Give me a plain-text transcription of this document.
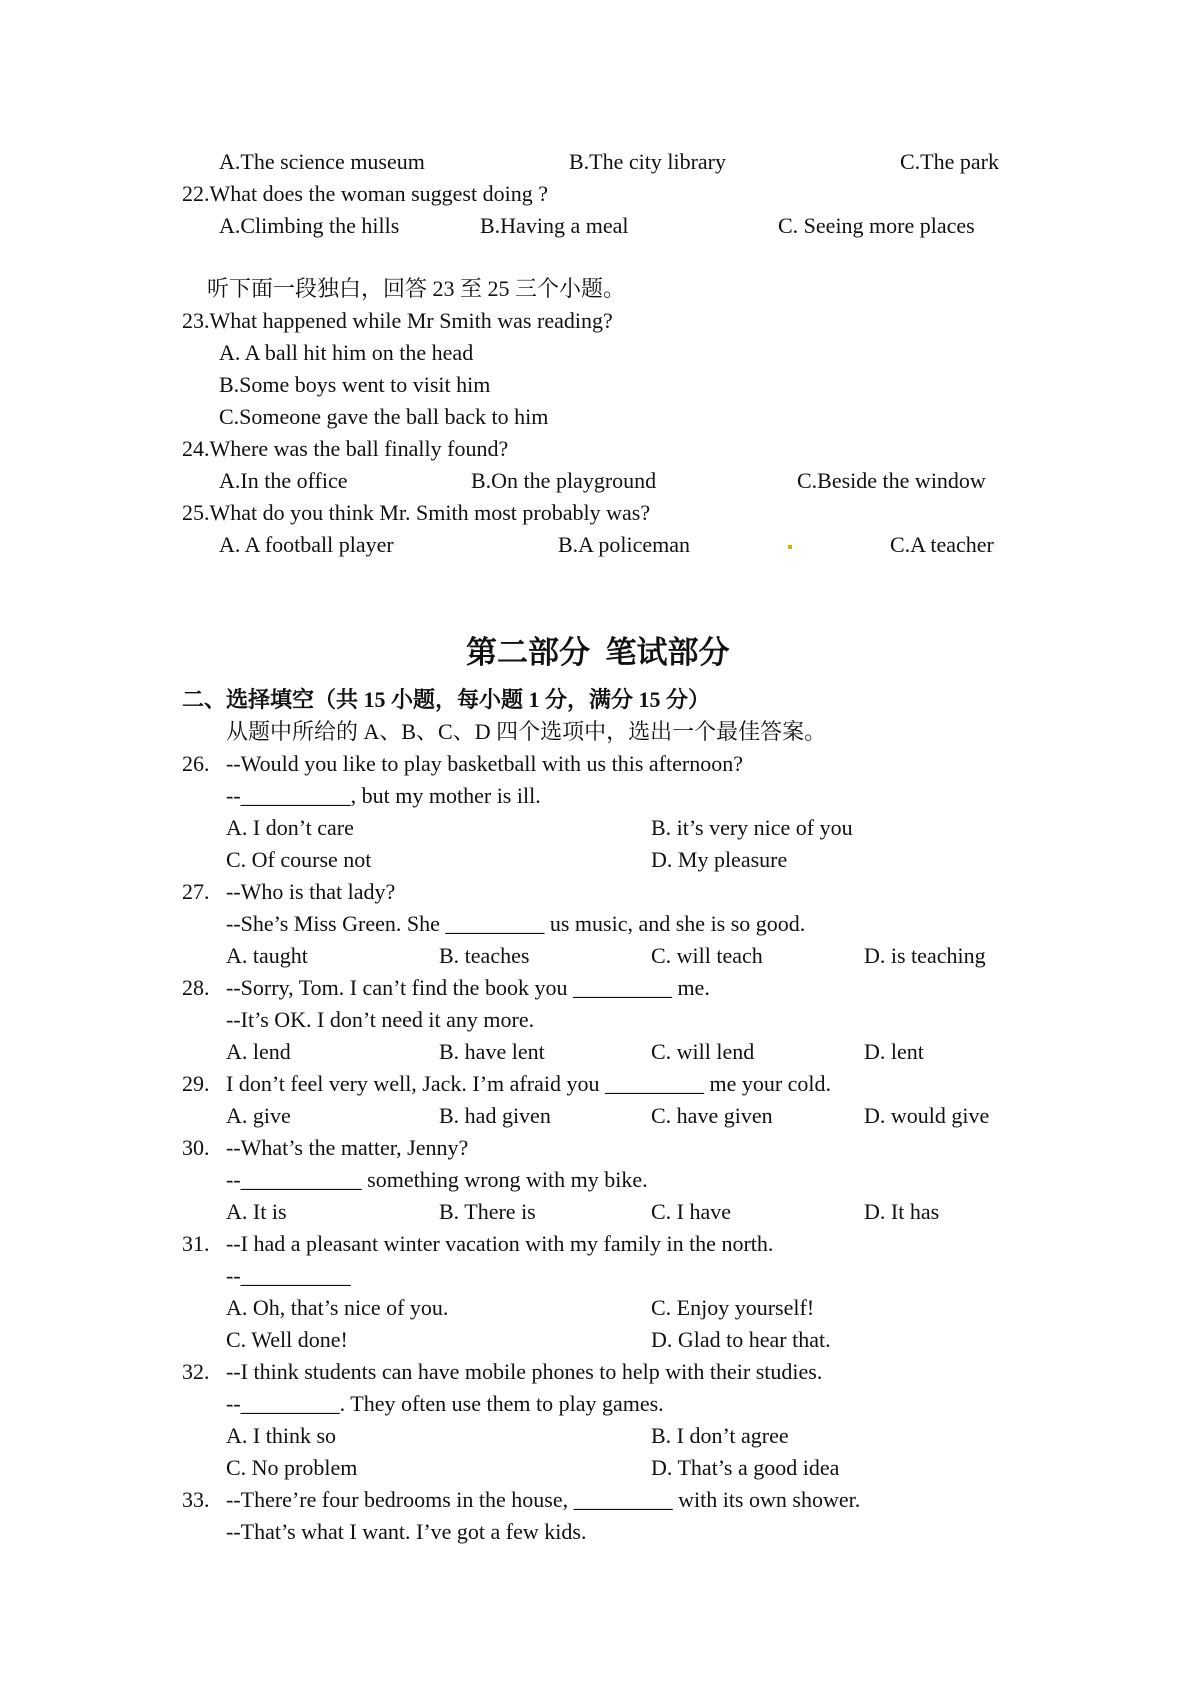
A.The science museum	B.The city library	C.The park
22.What does the woman suggest doing ?
A.Climbing the hills	B.Having a meal	C. Seeing more places
听下面一段独白，回答 23 至 25 三个小题。
23.What happened while Mr Smith was reading?
A. A ball hit him on the head
B.Some boys went to visit him
C.Someone gave the ball back to him
24.Where was the ball finally found?
A.In the office	B.On the playground	C.Beside the window
25.What do you think Mr. Smith most probably was?
A. A football player	B.A policeman	C.A teacher
第二部分  笔试部分
二、选择填空（共 15 小题，每小题 1 分，满分 15 分）
从题中所给的 A、B、C、D 四个选项中，选出一个最佳答案。
26. --Would you like to play basketball with us this afternoon?
--__________, but my mother is ill.
A. I don’t care	B. it’s very nice of you
C. Of course not	D. My pleasure
27. --Who is that lady?
--She’s Miss Green. She _________ us music, and she is so good.
A. taught	B. teaches	C. will teach	D. is teaching
28. --Sorry, Tom. I can’t find the book you _________ me.
--It’s OK. I don’t need it any more.
A. lend	B. have lent	C. will lend	D. lent
29. I don’t feel very well, Jack. I’m afraid you _________ me your cold.
A. give	B. had given	C. have given	D. would give
30. --What’s the matter, Jenny?
--___________ something wrong with my bike.
A. It is	B. There is	C. I have	D. It has
31. --I had a pleasant winter vacation with my family in the north.
--__________
A. Oh, that’s nice of you.	C. Enjoy yourself!
C. Well done!	D. Glad to hear that.
32. --I think students can have mobile phones to help with their studies.
--_________. They often use them to play games.
A. I think so	B. I don’t agree
C. No problem	D. That’s a good idea
33. --There’re four bedrooms in the house, _________ with its own shower.
--That’s what I want. I’ve got a few kids.
